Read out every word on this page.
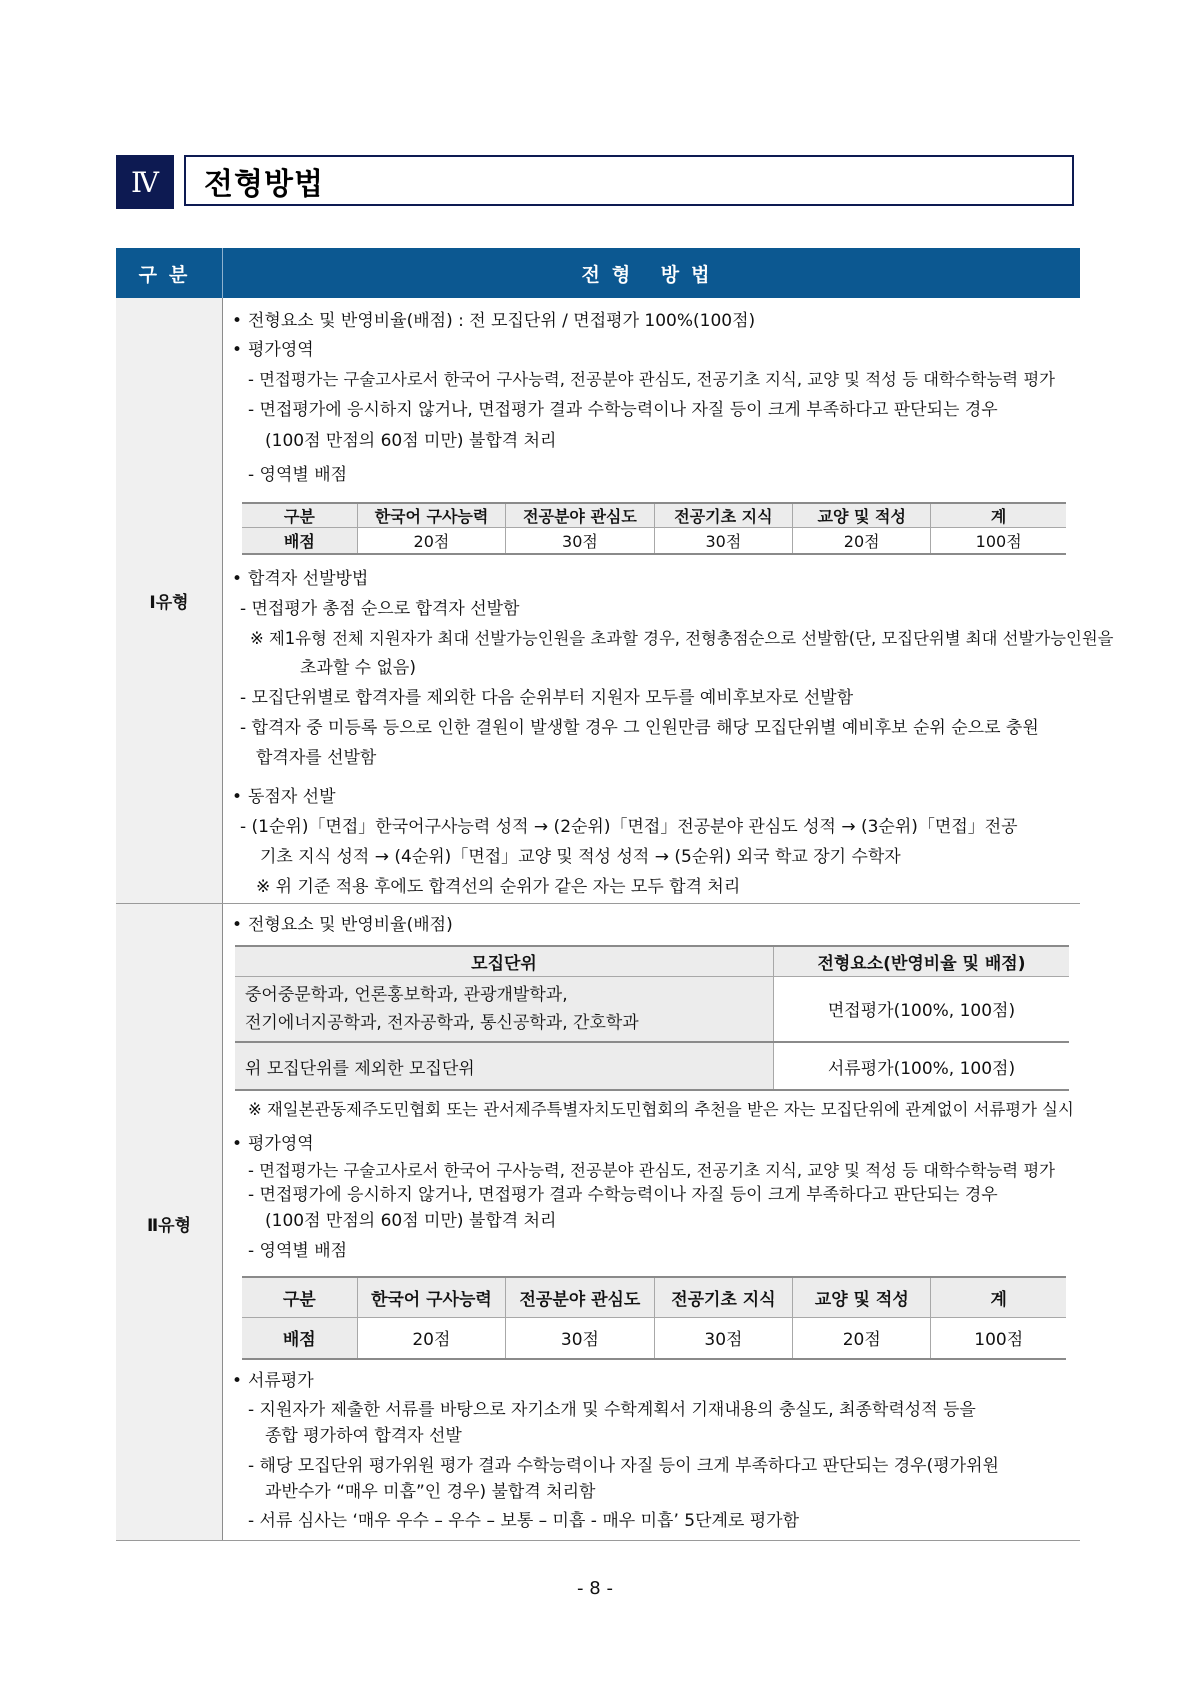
Ⅳ	전형방법
구분	전형 방법
Ⅰ유형
• 전형요소 및 반영비율(배점) : 전 모집단위 / 면접평가 100%(100점)
• 평가영역
- 면접평가는 구술고사로서 한국어 구사능력, 전공분야 관심도, 전공기초 지식, 교양 및 적성 등 대학수학능력 평가
- 면접평가에 응시하지 않거나, 면접평가 결과 수학능력이나 자질 등이 크게 부족하다고 판단되는 경우
(100점 만점의 60점 미만) 불합격 처리
- 영역별 배점
구분	한국어 구사능력	전공분야 관심도	전공기초 지식	교양 및 적성	계
배점	20점	30점	30점	20점	100점
• 합격자 선발방법
- 면접평가 총점 순으로 합격자 선발함
※ 제1유형 전체 지원자가 최대 선발가능인원을 초과할 경우, 전형총점순으로 선발함(단, 모집단위별 최대 선발가능인원을
초과할 수 없음)
- 모집단위별로 합격자를 제외한 다음 순위부터 지원자 모두를 예비후보자로 선발함
- 합격자 중 미등록 등으로 인한 결원이 발생할 경우 그 인원만큼 해당 모집단위별 예비후보 순위 순으로 충원
합격자를 선발함
• 동점자 선발
- (1순위)「면접」한국어구사능력 성적 → (2순위)「면접」전공분야 관심도 성적 → (3순위)「면접」전공
기초 지식 성적 → (4순위)「면접」교양 및 적성 성적 → (5순위) 외국 학교 장기 수학자
※ 위 기준 적용 후에도 합격선의 순위가 같은 자는 모두 합격 처리
Ⅱ유형
• 전형요소 및 반영비율(배점)
모집단위	전형요소(반영비율 및 배점)

중어중문학과, 언론홍보학과, 관광개발학과,
전기에너지공학과, 전자공학과, 통신공학과, 간호학과	면접평가(100%, 100점)
위 모집단위를 제외한 모집단위	서류평가(100%, 100점)
※ 재일본관동제주도민협회 또는 관서제주특별자치도민협회의 추천을 받은 자는 모집단위에 관계없이 서류평가 실시
• 평가영역
- 면접평가는 구술고사로서 한국어 구사능력, 전공분야 관심도, 전공기초 지식, 교양 및 적성 등 대학수학능력 평가
- 면접평가에 응시하지 않거나, 면접평가 결과 수학능력이나 자질 등이 크게 부족하다고 판단되는 경우
(100점 만점의 60점 미만) 불합격 처리
- 영역별 배점
구분	한국어 구사능력	전공분야 관심도	전공기초 지식	교양 및 적성	계
배점	20점	30점	30점	20점	100점
• 서류평가
- 지원자가 제출한 서류를 바탕으로 자기소개 및 수학계획서 기재내용의 충실도, 최종학력성적 등을
종합 평가하여 합격자 선발
- 해당 모집단위 평가위원 평가 결과 수학능력이나 자질 등이 크게 부족하다고 판단되는 경우(평가위원
과반수가 “매우 미흡”인 경우) 불합격 처리함
- 서류 심사는 ‘매우 우수 – 우수 – 보통 – 미흡 - 매우 미흡’ 5단계로 평가함
- 8 -
